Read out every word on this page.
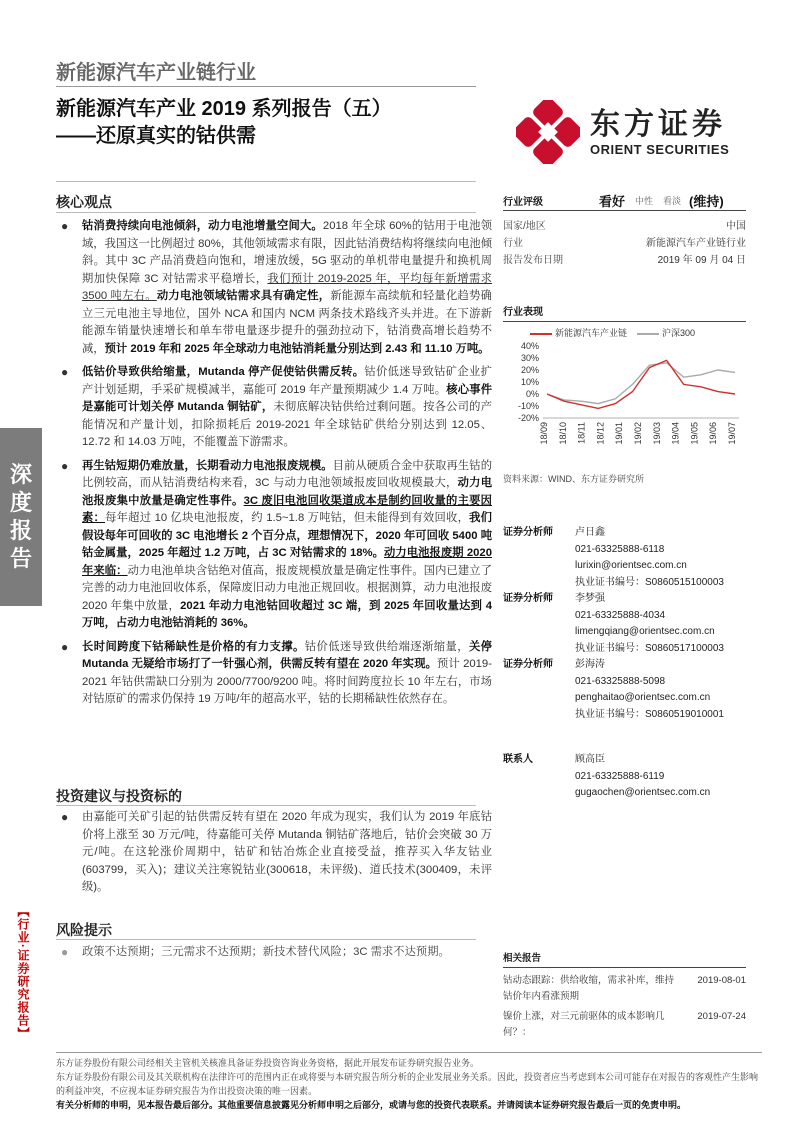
深
度
报
告
【行业·证券研究报告】
新能源汽车产业链行业
新能源汽车产业 2019 系列报告（五）
——还原真实的钴供需	东方证券
ORIENT SECURITIES
核心观点
● 钴消费持续向电池倾斜，动力电池增量空间大。2018 年全球 60%的钴用于电池领域，我国这一比例超过 80%，其他领域需求有限，因此钴消费结构将继续向电池倾斜。其中 3C 产品消费趋向饱和，增速放缓，5G 驱动的单机带电量提升和换机周期加快保障 3C 对钴需求平稳增长，我们预计 2019-2025 年，平均每年新增需求 3500 吨左右。动力电池领域钴需求具有确定性，新能源车高续航和轻量化趋势确立三元电池主导地位，国外 NCA 和国内 NCM 两条技术路线齐头并进。在下游新能源车销量快速增长和单车带电量逐步提升的强劲拉动下，钴消费高增长趋势不减，预计 2019 年和 2025 年全球动力电池钴消耗量分别达到 2.43 和 11.10 万吨。
● 低钴价导致供给缩量，Mutanda 停产促使钴供需反转。钴价低迷导致钴矿企业扩产计划延期，手采矿规模减半，嘉能可 2019 年产量预期减少 1.4 万吨。核心事件是嘉能可计划关停 Mutanda 铜钴矿，未彻底解决钴供给过剩问题。按各公司的产能情况和产量计划，扣除损耗后 2019-2021 年全球钴矿供给分别达到 12.05、12.72 和 14.03 万吨，不能覆盖下游需求。
● 再生钴短期仍难放量，长期看动力电池报废规模。目前从硬质合金中获取再生钴的比例较高，而从钴消费结构来看，3C 与动力电池领域报废回收规模最大，动力电池报废集中放量是确定性事件。3C 废旧电池回收渠道成本是制约回收量的主要因素：每年超过 10 亿块电池报废，约 1.5~1.8 万吨钴，但未能得到有效回收，我们假设每年可回收的 3C 电池增长 2 个百分点，理想情况下，2020 年可回收 5400 吨钴金属量，2025 年超过 1.2 万吨，占 3C 对钴需求的 18%。动力电池报废期 2020 年来临：动力电池单块含钴绝对值高，报废规模放量是确定性事件。国内已建立了完善的动力电池回收体系，保障废旧动力电池正规回收。根据测算，动力电池报废 2020 年集中放量，2021 年动力电池钴回收超过 3C 端，到 2025 年回收量达到 4 万吨，占动力电池钴消耗的 36%。
● 长时间跨度下钴稀缺性是价格的有力支撑。钴价低迷导致供给端逐渐缩量，关停 Mutanda 无疑给市场打了一针强心剂，供需反转有望在 2020 年实现。预计 2019-2021 年钴供需缺口分别为 2000/7700/9200 吨。将时间跨度拉长 10 年左右，市场对钴原矿的需求仍保持 19 万吨/年的超高水平，钴的长期稀缺性依然存在。
投资建议与投资标的
● 由嘉能可关矿引起的钴供需反转有望在 2020 年成为现实，我们认为 2019 年底钴价将上涨至 30 万元/吨，待嘉能可关停 Mutanda 铜钴矿落地后，钴价会突破 30 万元/吨。在这轮涨价周期中，钴矿和钴冶炼企业直接受益，推荐买入华友钴业(603799，买入)；建议关注寒锐钴业(300618，未评级)、道氏技术(300409，未评级)。
风险提示
● 政策不达预期；三元需求不达预期；新技术替代风险；3C 需求不达预期。
行业评级	看好 中性 看淡 (维持)
国家/地区	中国
行业	新能源汽车产业链行业
报告发布日期	2019 年 09 月 04 日
行业表现
新能源汽车产业链	沪深300
40%
30%
20%
10%
0%
-10%
-20%
18/09 18/10 18/11 18/12 19/01 19/02 19/03 19/04 19/05 19/06 19/07
资料来源：WIND、东方证券研究所
证券分析师	卢日鑫
021-63325888-6118
lurixin@orientsec.com.cn
执业证书编号：S0860515100003
证券分析师	李梦强
021-63325888-4034
limengqiang@orientsec.com.cn
执业证书编号：S0860517100003
证券分析师	彭海涛
021-63325888-5098
penghaitao@orientsec.com.cn
执业证书编号：S0860519010001
联系人	顾高臣
021-63325888-6119
gugaochen@orientsec.com.cn
相关报告
钴动态跟踪：供给收缩，需求补库，维持钴价年内看涨预期
2019-08-01
镍价上涨，对三元前驱体的成本影响几何？：
2019-07-24
东方证券股份有限公司经相关主管机关核准具备证券投资咨询业务资格，据此开展发布证券研究报告业务。
东方证券股份有限公司及其关联机构在法律许可的范围内正在或将要与本研究报告所分析的企业发展业务关系。因此，投资者应当考虑到本公司可能存在对报告的客观性产生影响的利益冲突，不应视本证券研究报告为作出投资决策的唯一因素。
有关分析师的申明，见本报告最后部分。其他重要信息披露见分析师申明之后部分，或请与您的投资代表联系。并请阅读本证券研究报告最后一页的免责申明。
